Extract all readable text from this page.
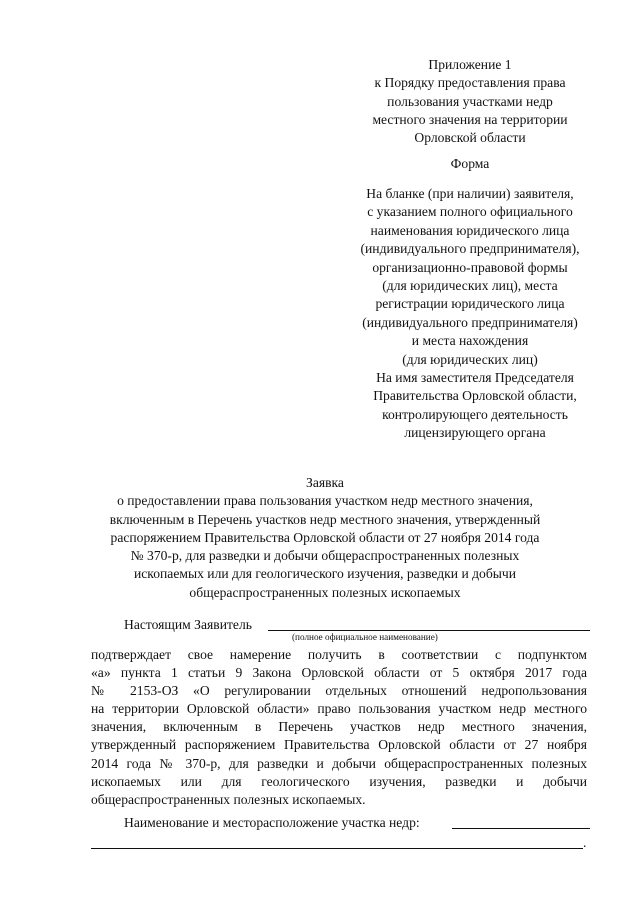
Приложение 1
к Порядку предоставления права
пользования участками недр
местного значения на территории
Орловской области
Форма
На бланке (при наличии) заявителя,
с указанием полного официального
наименования юридического лица
(индивидуального предпринимателя),
организационно-правовой формы
(для юридических лиц), места
регистрации юридического лица
(индивидуального предпринимателя)
и места нахождения
(для юридических лиц)
На имя заместителя Председателя
Правительства Орловской области,
контролирующего деятельность
лицензирующего органа
Заявка
о предоставлении права пользования участком недр местного значения,
включенным в Перечень участков недр местного значения, утвержденный
распоряжением Правительства Орловской области от 27 ноября 2014 года
№ 370-р, для разведки и добычи общераспространенных полезных
ископаемых или для геологического изучения, разведки и добычи
общераспространенных полезных ископаемых
Настоящим Заявитель
(полное официальное наименование)
подтверждает свое намерение получить в соответствии с подпунктом
«а» пункта 1 статьи 9 Закона Орловской области от 5 октября 2017 года
№ 2153-ОЗ «О регулировании отдельных отношений недропользования
на территории Орловской области» право пользования участком недр местного
значения, включенным в Перечень участков недр местного значения,
утвержденный распоряжением Правительства Орловской области от 27 ноября
2014 года № 370-р, для разведки и добычи общераспространенных полезных
ископаемых или для геологического изучения, разведки и добычи
общераспространенных полезных ископаемых.
Наименование и месторасположение участка недр:
.
